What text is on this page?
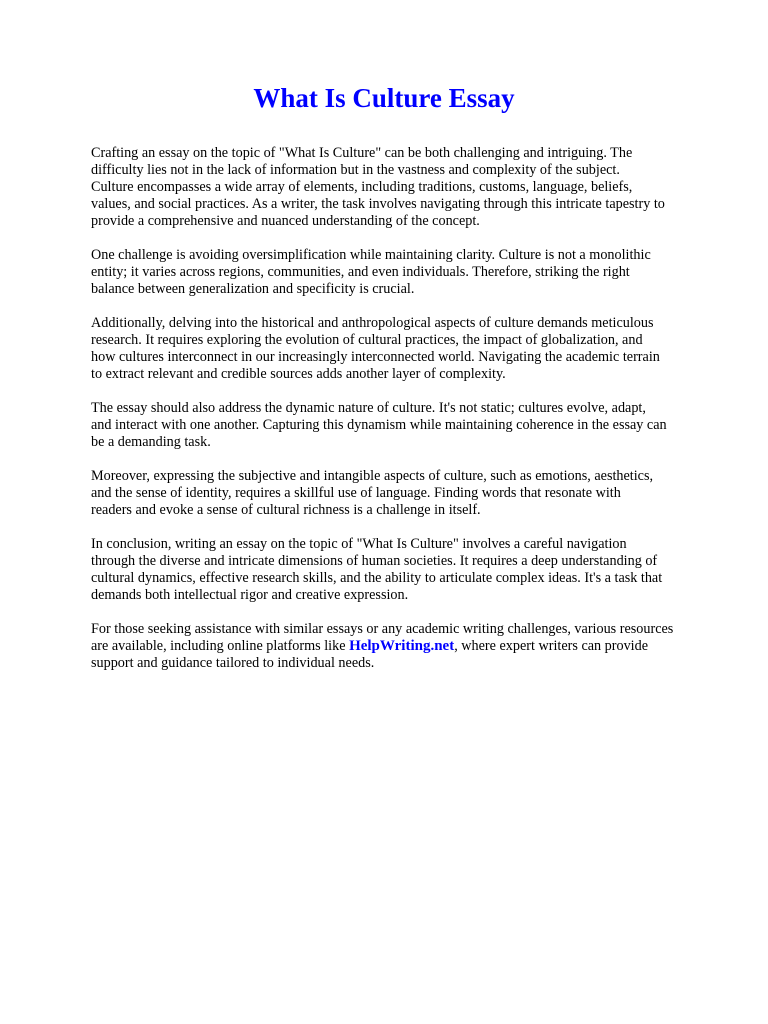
What Is Culture Essay

Crafting an essay on the topic of "What Is Culture" can be both challenging and intriguing. The
difficulty lies not in the lack of information but in the vastness and complexity of the subject.
Culture encompasses a wide array of elements, including traditions, customs, language, beliefs,
values, and social practices. As a writer, the task involves navigating through this intricate tapestry to
provide a comprehensive and nuanced understanding of the concept.

One challenge is avoiding oversimplification while maintaining clarity. Culture is not a monolithic
entity; it varies across regions, communities, and even individuals. Therefore, striking the right
balance between generalization and specificity is crucial.

Additionally, delving into the historical and anthropological aspects of culture demands meticulous
research. It requires exploring the evolution of cultural practices, the impact of globalization, and
how cultures interconnect in our increasingly interconnected world. Navigating the academic terrain
to extract relevant and credible sources adds another layer of complexity.

The essay should also address the dynamic nature of culture. It's not static; cultures evolve, adapt,
and interact with one another. Capturing this dynamism while maintaining coherence in the essay can
be a demanding task.

Moreover, expressing the subjective and intangible aspects of culture, such as emotions, aesthetics,
and the sense of identity, requires a skillful use of language. Finding words that resonate with
readers and evoke a sense of cultural richness is a challenge in itself.

In conclusion, writing an essay on the topic of "What Is Culture" involves a careful navigation
through the diverse and intricate dimensions of human societies. It requires a deep understanding of
cultural dynamics, effective research skills, and the ability to articulate complex ideas. It's a task that
demands both intellectual rigor and creative expression.

For those seeking assistance with similar essays or any academic writing challenges, various resources
are available, including online platforms like HelpWriting.net, where expert writers can provide
support and guidance tailored to individual needs.
